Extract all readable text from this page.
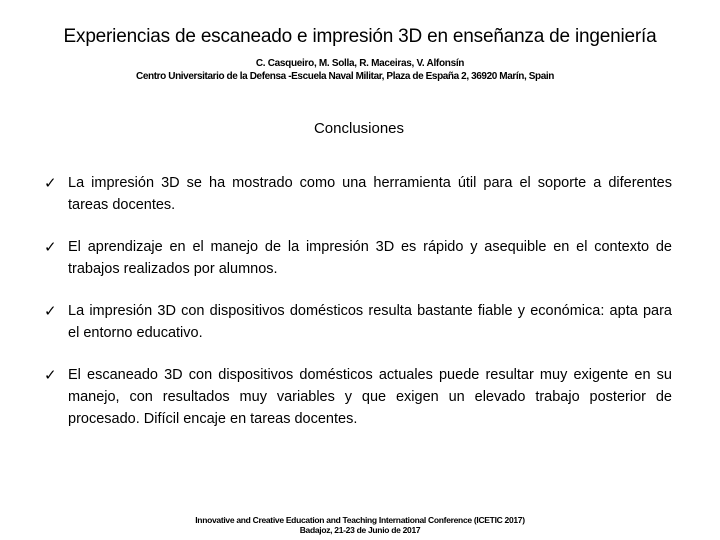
Experiencias de escaneado e impresión 3D en enseñanza de ingeniería
C. Casqueiro, M. Solla, R. Maceiras, V. Alfonsín
Centro Universitario de la Defensa -Escuela Naval Militar, Plaza de España 2, 36920 Marín, Spain
Conclusiones
✓ La impresión 3D se ha mostrado como una herramienta útil para el soporte a diferentes tareas docentes.
✓ El aprendizaje en el manejo de la impresión 3D es rápido y asequible en el contexto de trabajos realizados por alumnos.
✓ La impresión 3D con dispositivos domésticos resulta bastante fiable y económica: apta para el entorno educativo.
✓ El escaneado 3D con dispositivos domésticos actuales puede resultar muy exigente en su manejo, con resultados muy variables y que exigen un elevado trabajo posterior de procesado. Difícil encaje en tareas docentes.
Innovative and Creative Education and Teaching International Conference (ICETIC 2017)
Badajoz, 21-23 de Junio de 2017
